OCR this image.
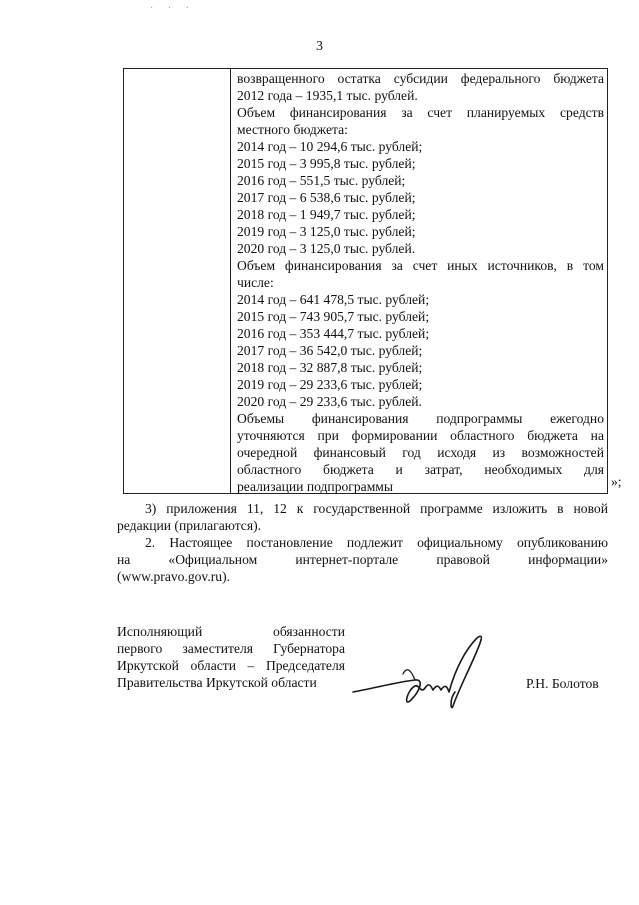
· · ·
3
возвращенного остатка субсидии федерального бюджета
2012 года – 1935,1 тыс. рублей.
Объем финансирования за счет планируемых средств
местного бюджета:
2014 год – 10 294,6 тыс. рублей;
2015 год – 3 995,8 тыс. рублей;
2016 год – 551,5 тыс. рублей;
2017 год – 6 538,6 тыс. рублей;
2018 год – 1 949,7 тыс. рублей;
2019 год – 3 125,0 тыс. рублей;
2020 год – 3 125,0 тыс. рублей.
Объем финансирования за счет иных источников, в том
числе:
2014 год – 641 478,5 тыс. рублей;
2015 год – 743 905,7 тыс. рублей;
2016 год – 353 444,7 тыс. рублей;
2017 год – 36 542,0 тыс. рублей;
2018 год – 32 887,8 тыс. рублей;
2019 год – 29 233,6 тыс. рублей;
2020 год – 29 233,6 тыс. рублей.
Объемы финансирования подпрограммы ежегодно
уточняются при формировании областного бюджета на
очередной финансовый год исходя из возможностей
областного бюджета и затрат, необходимых для
реализации подпрограммы	»;
3) приложения 11, 12 к государственной программе изложить в новой
редакции (прилагаются).
2. Настоящее постановление подлежит официальному опубликованию
на «Официальном интернет-портале правовой информации»
(www.pravo.gov.ru).
Исполняющий обязанности
первого заместителя Губернатора
Иркутской области – Председателя
Правительства Иркутской области	Р.Н. Болотов
